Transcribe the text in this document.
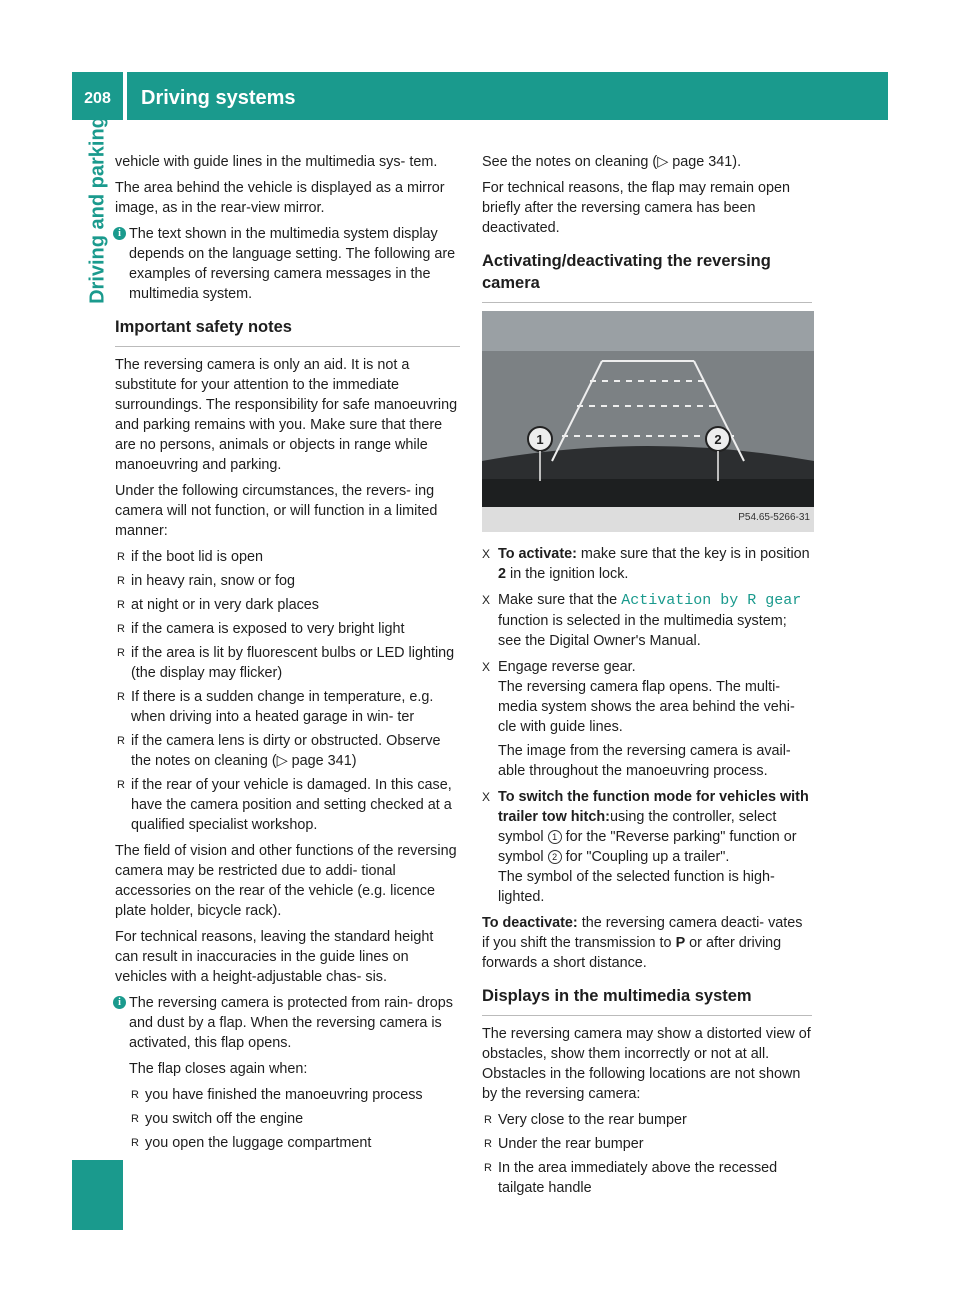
208	Driving systems
Driving and parking vehicle with guide lines in the multimedia sys- tem.

The area behind the vehicle is displayed as a mirror image, as in the rear-view mirror.

i The text shown in the multimedia system display depends on the language setting. The following are examples of reversing camera messages in the multimedia system.
Important safety notes

The reversing camera is only an aid. It is not a substitute for your attention to the immediate surroundings. The responsibility for safe manoeuvring and parking remains with you. Make sure that there are no persons, animals or objects in range while manoeuvring and parking.

Under the following circumstances, the revers- ing camera will not function, or will function in a limited manner:

R if the boot lid is open
R in heavy rain, snow or fog
R at night or in very dark places
R if the camera is exposed to very bright light
R if the area is lit by fluorescent bulbs or LED lighting (the display may flicker)
R If there is a sudden change in temperature, e.g. when driving into a heated garage in win- ter
R if the camera lens is dirty or obstructed. Observe the notes on cleaning (▷ page 341)
R if the rear of your vehicle is damaged. In this case, have the camera position and setting checked at a qualified specialist workshop.

The field of vision and other functions of the reversing camera may be restricted due to addi- tional accessories on the rear of the vehicle (e.g. licence plate holder, bicycle rack).

For technical reasons, leaving the standard height can result in inaccuracies in the guide lines on vehicles with a height-adjustable chas- sis.

i The reversing camera is protected from rain- drops and dust by a flap. When the reversing camera is activated, this flap opens.
The flap closes again when:
R you have finished the manoeuvring process
R you switch off the engine
R you open the luggage compartment

See the notes on cleaning (▷ page 341).

For technical reasons, the flap may remain open briefly after the reversing camera has been deactivated.

Activating/deactivating the reversing camera
1	2
P54.65-5266-31
X To activate: make sure that the key is in position 2 in the ignition lock.
X Make sure that the Activation by R gear function is selected in the multimedia system; see the Digital Owner's Manual.
X Engage reverse gear.
The reversing camera flap opens. The multi- media system shows the area behind the vehi- cle with guide lines.

The image from the reversing camera is avail- able throughout the manoeuvring process.

X To switch the function mode for vehicles with trailer tow hitch:using the controller, select symbol 1 for the "Reverse parking" function or symbol 2 for "Coupling up a trailer".
The symbol of the selected function is high- lighted.

To deactivate: the reversing camera deacti- vates if you shift the transmission to P or after driving forwards a short distance.

Displays in the multimedia system

The reversing camera may show a distorted view of obstacles, show them incorrectly or not at all. Obstacles in the following locations are not shown by the reversing camera:

R Very close to the rear bumper
R Under the rear bumper
R In the area immediately above the recessed tailgate handle
